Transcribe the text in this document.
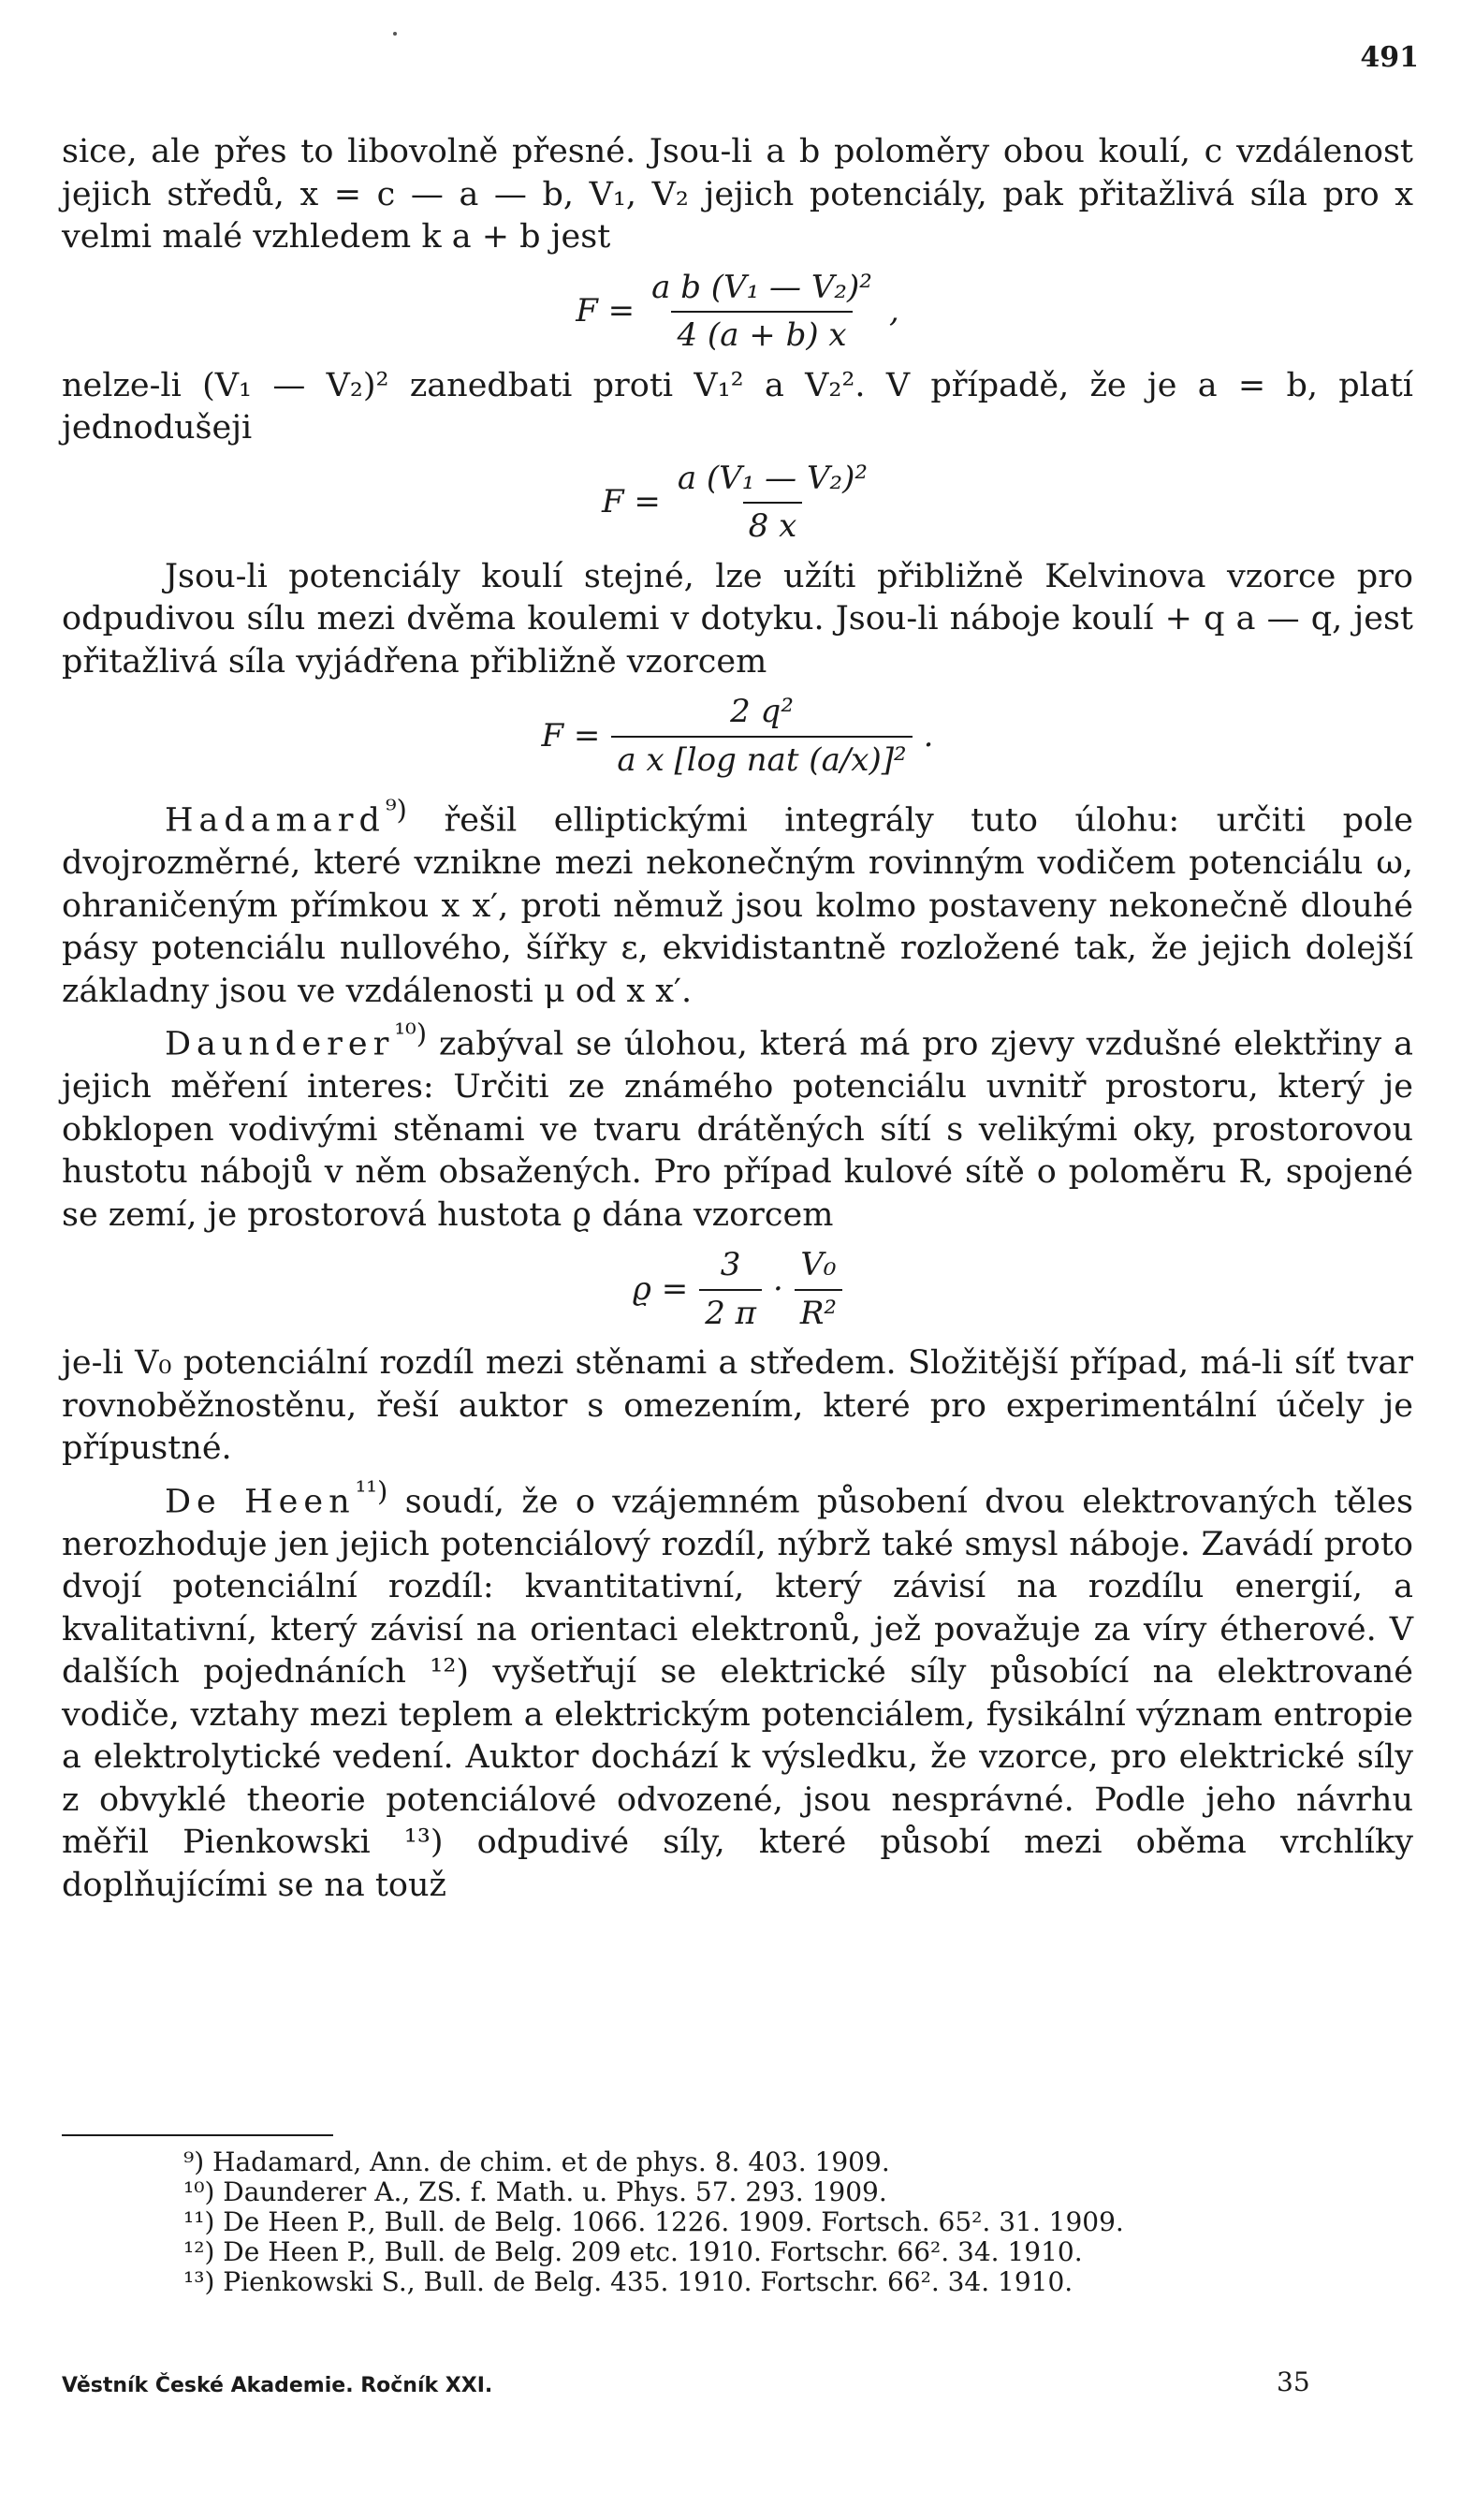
491

sice, ale přes to libovolně přesné. Jsou-li a b poloměry obou koulí, c vzdálenost jejich středů, x = c — a — b, V₁, V₂ jejich potenciály, pak přitažlivá síla pro x velmi malé vzhledem k a + b jest

$F = \frac{\text{a b (V₁ — V₂)²}}{4 (a + b) x}$ ,

nelze-li (V₁ — V₂)² zanedbati proti V₁² a V₂². V případě, že je a = b, platí jednodušeji

$F = \frac{\text{a (V₁ — V₂)²}}{8 x}$

Jsou-li potenciály koulí stejné, lze užíti přibližně Kelvinova vzorce pro odpudivou sílu mezi dvěma koulemi v dotyku. Jsou-li náboje koulí + q a — q, jest přitažlivá síla vyjádřena přibližně vzorcem

$F = \frac{\text{2 q²}}{\text{a x [log nat (a/x)]²}}$ .

Hadamard$^{^9)}$ řešil elliptickými integrály tuto úlohu: určiti pole dvojrozměrné, které vznikne mezi nekonečným rovinným vodičem potenciálu ω, ohraničeným přímkou x x′, proti němuž jsou kolmo postaveny nekonečně dlouhé pásy potenciálu nullového, šířky ε, ekvidistantně rozložené tak, že jejich dolejší základny jsou ve vzdálenosti μ od x x′.

Daunderer$^{^{10})}$ zabýval se úlohou, která má pro zjevy vzdušné elektřiny a jejich měření interes: Určiti ze známého potenciálu uvnitř prostoru, který je obklopen vodivými stěnami ve tvaru drátěných sítí s velikými oky, prostorovou hustotu nábojů v něm obsažených. Pro případ kulové sítě o poloměru R, spojené se zemí, je prostorová hustota ϱ dána vzorcem

$ϱ = \frac{3}{2 \pi} \cdot \frac{\text{V₀}}{\text{R²}}$

je-li V₀ potenciální rozdíl mezi stěnami a středem. Složitější případ, má-li síť tvar rovnoběžnostěnu, řeší auktor s omezením, které pro experimentální účely je přípustné.

De Heen$^{^{11})}$ soudí, že o vzájemném působení dvou elektrovaných těles nerozhoduje jen jejich potenciálový rozdíl, nýbrž také smysl náboje. Zavádí proto dvojí potenciální rozdíl: kvantitativní, který závisí na rozdílu energií, a kvalitativní, který závisí na orientaci elektronů, jež považuje za víry étherové. V dalších pojednáních ¹²) vyšetřují se elektrické síly působící na elektrované vodiče, vztahy mezi teplem a elektrickým potenciálem, fysikální význam entropie a elektrolytické vedení. Auktor dochází k výsledku, že vzorce, pro elektrické síly z obvyklé theorie potenciálové odvozené, jsou nesprávné. Podle jeho návrhu měřil Pienkowski ¹³) odpudivé síly, které působí mezi oběma vrchlíky doplňujícími se na touž

⁹) Hadamard, Ann. de chim. et de phys. 8. 403. 1909.
¹⁰) Daunderer A., ZS. f. Math. u. Phys. 57. 293. 1909.
¹¹) De Heen P., Bull. de Belg. 1066. 1226. 1909. Fortsch. 65². 31. 1909.
¹²) De Heen P., Bull. de Belg. 209 etc. 1910. Fortschr. 66². 34. 1910.
¹³) Pienkowski S., Bull. de Belg. 435. 1910. Fortschr. 66². 34. 1910.
Věstník České Akademie. Ročník XXI.	35
